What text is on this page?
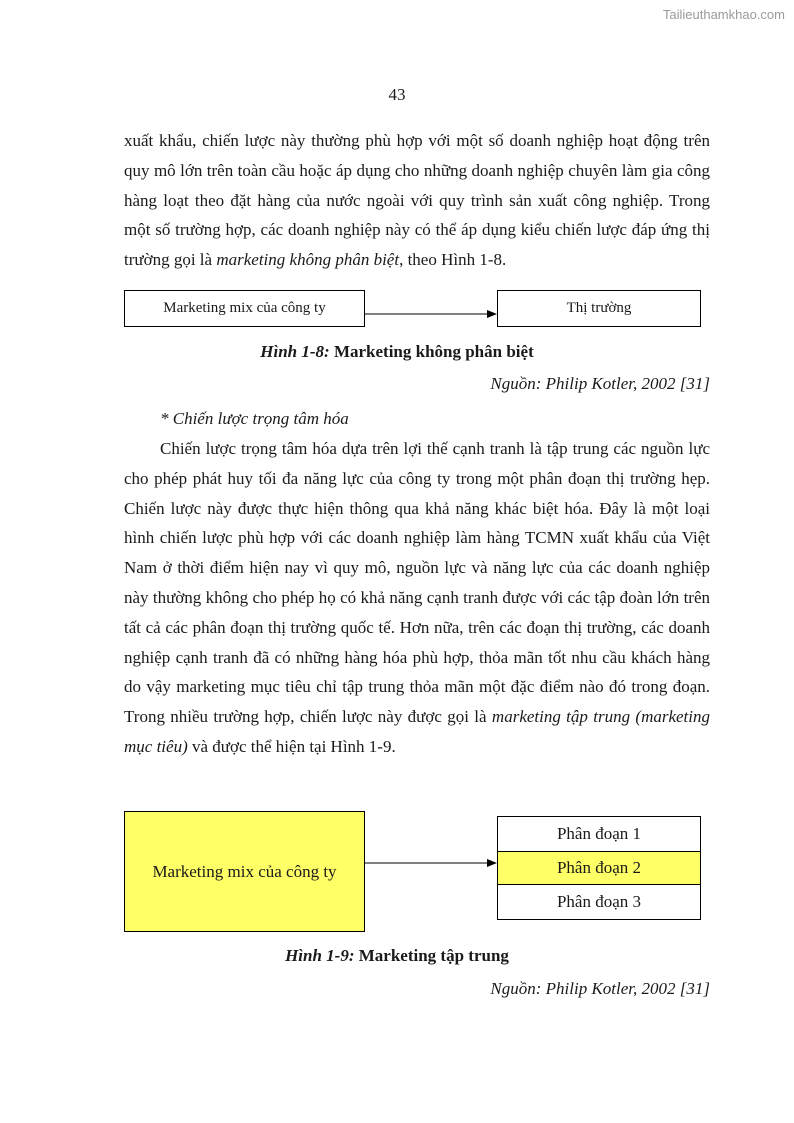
Tailieuthamkhao.com
43

xuất khẩu, chiến lược này thường phù hợp với một số doanh nghiệp hoạt động trên quy mô lớn trên toàn cầu hoặc áp dụng cho những doanh nghiệp chuyên làm gia công hàng loạt theo đặt hàng của nước ngoài với quy trình sản xuất công nghiệp. Trong một số trường hợp, các doanh nghiệp này có thể áp dụng kiểu chiến lược đáp ứng thị trường gọi là marketing không phân biệt, theo Hình 1-8.

Marketing mix của công ty	Thị trường
Hình 1-8: Marketing không phân biệt
Nguồn: Philip Kotler, 2002 [31]

* Chiến lược trọng tâm hóa

Chiến lược trọng tâm hóa dựa trên lợi thế cạnh tranh là tập trung các nguồn lực cho phép phát huy tối đa năng lực của công ty trong một phân đoạn thị trường hẹp. Chiến lược này được thực hiện thông qua khả năng khác biệt hóa. Đây là một loại hình chiến lược phù hợp với các doanh nghiệp làm hàng TCMN xuất khẩu của Việt Nam ở thời điểm hiện nay vì quy mô, nguồn lực và năng lực của các doanh nghiệp này thường không cho phép họ có khả năng cạnh tranh được với các tập đoàn lớn trên tất cả các phân đoạn thị trường quốc tế. Hơn nữa, trên các đoạn thị trường, các doanh nghiệp cạnh tranh đã có những hàng hóa phù hợp, thỏa mãn tốt nhu cầu khách hàng do vậy marketing mục tiêu chỉ tập trung thỏa mãn một đặc điểm nào đó trong đoạn. Trong nhiều trường hợp, chiến lược này được gọi là marketing tập trung (marketing mục tiêu) và được thể hiện tại Hình 1-9.

Marketing mix của công ty
Phân đoạn 1
Phân đoạn 2
Phân đoạn 3
Hình 1-9: Marketing tập trung
Nguồn: Philip Kotler, 2002 [31]
